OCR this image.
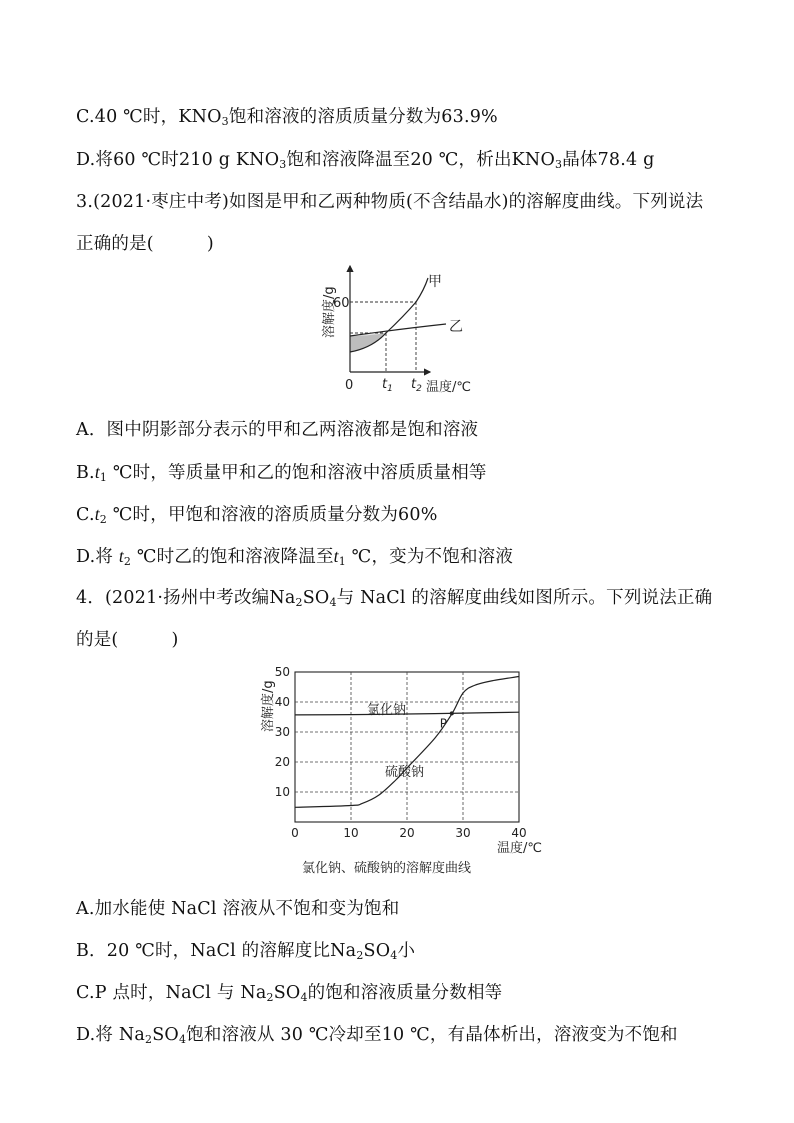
C.40 ℃时，$KNO_3$饱和溶液的溶质质量分数为63.9%
D.将60 ℃时210 g $KNO_3$饱和溶液降温至20 ℃，析出$KNO_3$晶体78.4 g
3.(2021·枣庄中考)如图是甲和乙两种物质(不含结晶水)的溶解度曲线。下列说法
正确的是(　　　)
溶解度/g
温度/℃
0
60
甲
乙
$t_1$ $t_2$
A．图中阴影部分表示的甲和乙两溶液都是饱和溶液
$B.t_1$ ℃时，等质量甲和乙的饱和溶液中溶质质量相等
$C.t_2$ ℃时，甲饱和溶液的溶质质量分数为60%
D.将 $t_2$ ℃时乙的饱和溶液降温至$t_1$ ℃，变为不饱和溶液
4．(2021·扬州中考改编$Na_2SO_4$与 NaCl 的溶解度曲线如图所示。下列说法正确
的是(　　　)
0	10	20	30	40
10
20
30
40
50
P
氯化钠
硫酸钠
溶解度/g
温度/℃
氯化钠、硫酸钠的溶解度曲线
A.加水能使 NaCl 溶液从不饱和变为饱和
B．20 ℃时，NaCl 的溶解度比$Na_2SO_4$小
C.P 点时，NaCl 与 $Na_2SO_4$的饱和溶液质量分数相等
D.将 $Na_2SO_4$饱和溶液从 30 ℃冷却至10 ℃，有晶体析出，溶液变为不饱和
